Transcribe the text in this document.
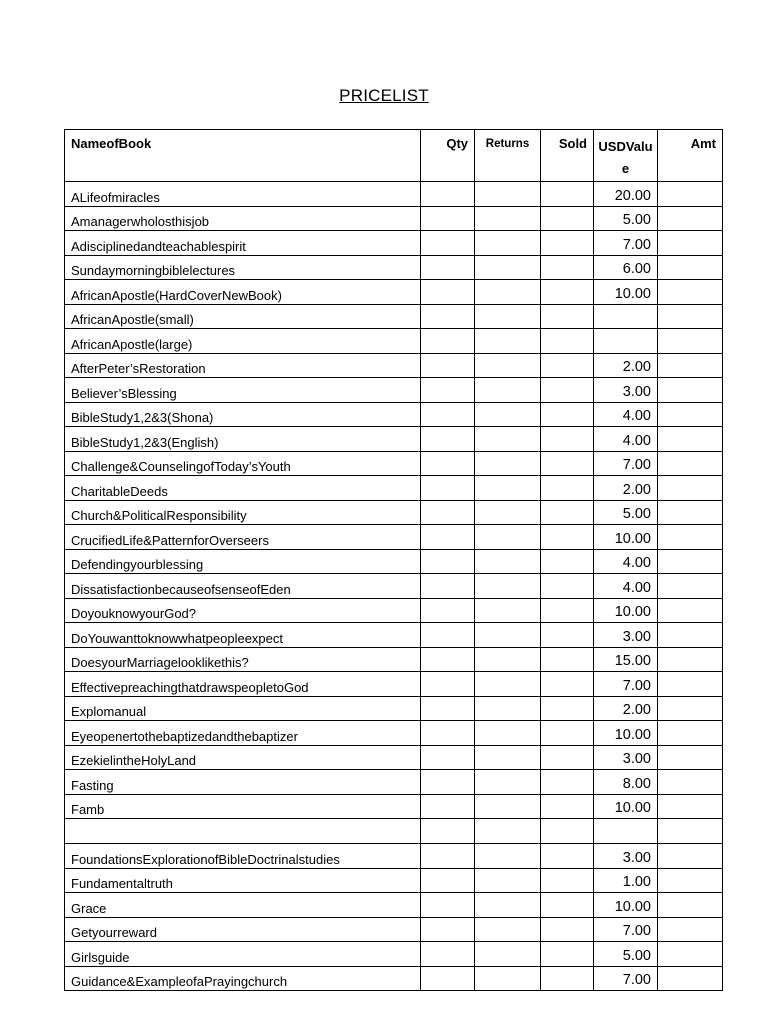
PRICELIST
NameofBook	Qty	Returns	Sold	USDValue	Amt
ALifeofmiracles				20.00	
Amanagerwholosthisjob				5.00	
Adisciplinedandteachablespirit				7.00	
Sundaymorningbiblelectures				6.00	
AfricanApostle(HardCoverNewBook)				10.00	
AfricanApostle(small)					
AfricanApostle(large)					
AfterPeter’sRestoration				2.00	
Believer’sBlessing				3.00	
BibleStudy1,2&3(Shona)				4.00	
BibleStudy1,2&3(English)				4.00	
Challenge&CounselingofToday’sYouth				7.00	
CharitableDeeds				2.00	
Church&PoliticalResponsibility				5.00	
CrucifiedLife&PatternforOverseers				10.00	
Defendingyourblessing				4.00	
DissatisfactionbecauseofsenseofEden				4.00	
DoyouknowyourGod?				10.00	
DoYouwanttoknowwhatpeopleexpect				3.00	
DoesyourMarriagelooklikethis?				15.00	
EffectivepreachingthatdrawspeopletoGod				7.00	
Explomanual				2.00	
Eyeopenertothebaptizedandthebaptizer				10.00	
EzekielintheHolyLand				3.00	
Fasting				8.00	
Famb				10.00	

FoundationsExplorationofBibleDoctrinalstudies				3.00	
Fundamentaltruth				1.00	
Grace				10.00	
Getyourreward				7.00	
Girlsguide				5.00	
Guidance&ExampleofaPrayingchurch				7.00	
